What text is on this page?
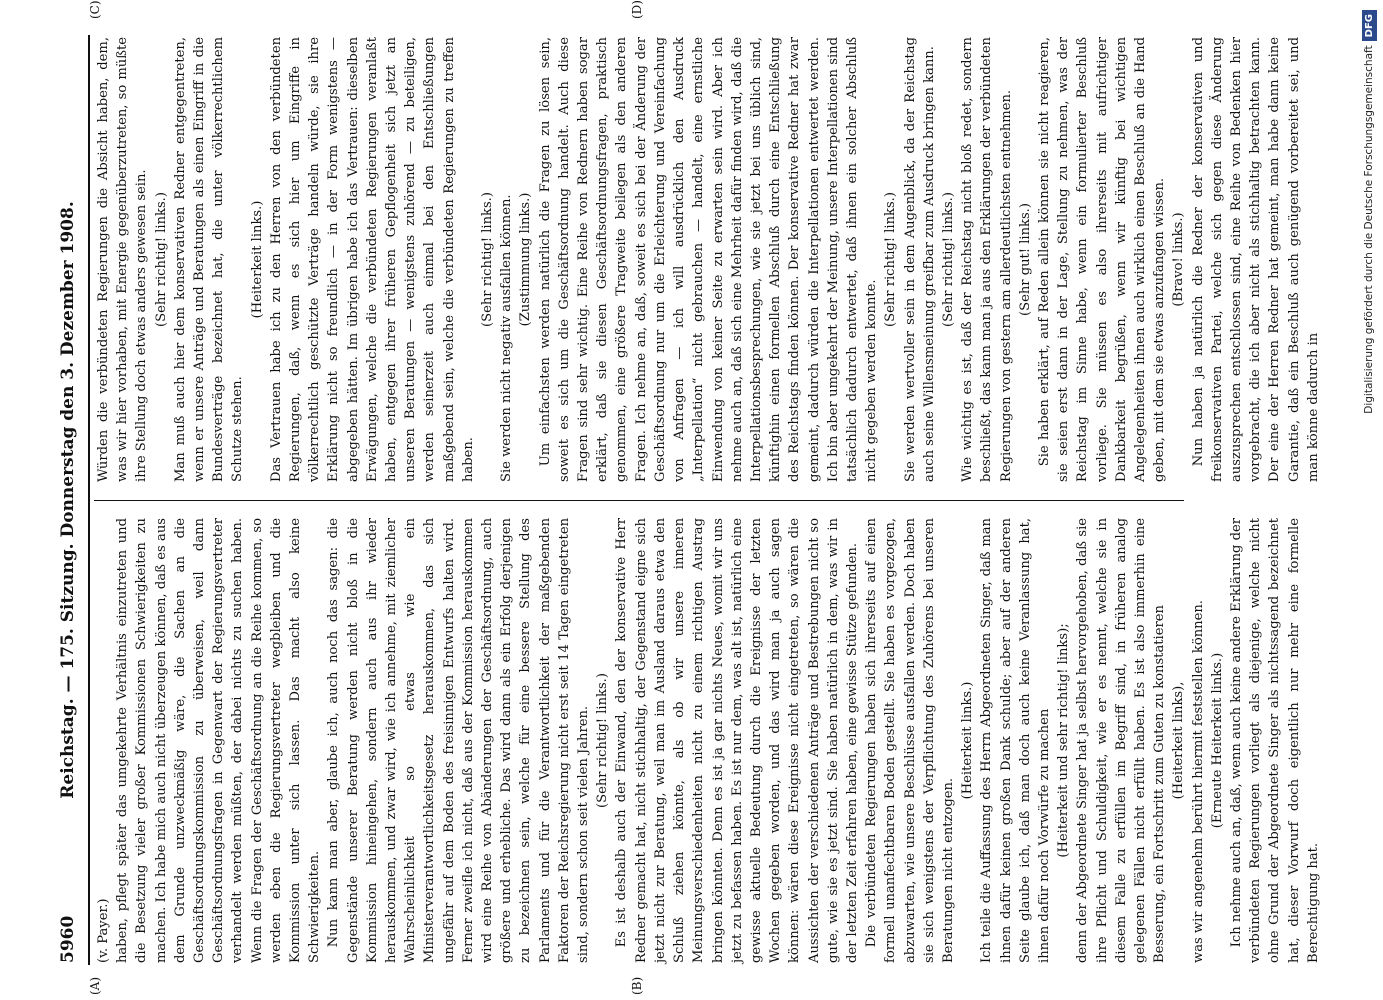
5960
Reichstag. — 175. Sitzung. Donnerstag den 3. Dezember 1908.
(A)	(B)
(C)	(D)

(v. Payer.) haben, pflegt später das umgekehrte Verhältnis einzutreten und die Besetzung vieler großer Kommissionen Schwierigkeiten zu machen. Ich habe mich auch nicht überzeugen können, daß es aus dem Grunde unzweckmäßig wäre, die Sachen an die Geschäftsordnungskommission zu überweisen, weil dann Geschäftsordnungsfragen in Gegenwart der Regierungsvertreter verhandelt werden müßten, der dabei nichts zu suchen haben. Wenn die Fragen der Geschäftsordnung an die Reihe kommen, so werden eben die Regierungsvertreter wegbleiben und die Kommission unter sich lassen. Das macht also keine Schwierigkeiten. Nun kann man aber, glaube ich, auch noch das sagen: die Gegenstände unserer Beratung werden nicht bloß in die Kommission hineingehen, sondern auch aus ihr wieder herauskommen, und zwar wird, wie ich annehme, mit ziemlicher Wahrscheinlichkeit so etwas wie ein Ministerverantwortlichkeitsgesetz herauskommen, das sich ungefähr auf dem Boden des freisinnigen Entwurfs halten wird. Ferner zweifle ich nicht, daß aus der Kommission herauskommen wird eine Reihe von Abänderungen der Geschäftsordnung, auch größere und erhebliche. Das wird dann als ein Erfolg derjenigen zu bezeichnen sein, welche für eine bessere Stellung des Parlaments und für die Verantwortlichkeit der maßgebenden Faktoren der Reichsregierung nicht erst seit 14 Tagen eingetreten sind, sondern schon seit vielen Jahren. (Sehr richtig! links.) Es ist deshalb auch der Einwand, den der konservative Herr Redner gemacht hat, nicht stichhaltig, der Gegenstand eigne sich jetzt nicht zur Beratung, weil man im Ausland daraus etwa den Schluß ziehen könnte, als ob wir unsere inneren Meinungsverschiedenheiten nicht zu einem richtigen Austrag bringen könnten. Denn es ist ja gar nichts Neues, womit wir uns jetzt zu befassen haben. Es ist nur dem, was alt ist, natürlich eine gewisse aktuelle Bedeutung durch die Ereignisse der letzten Wochen gegeben worden, und das wird man ja auch sagen können: wären diese Ereignisse nicht eingetreten, so wären die Aussichten der verschiedenen Anträge und Bestrebungen nicht so gute, wie sie es jetzt sind. Sie haben natürlich in dem, was wir in der letzten Zeit erfahren haben, eine gewisse Stütze gefunden. Die verbündeten Regierungen haben sich ihrerseits auf einen formell unanfechtbaren Boden gestellt. Sie haben es vorgezogen, abzuwarten, wie unsere Beschlüsse ausfallen werden. Doch haben sie sich wenigstens der Verpflichtung des Zuhörens bei unseren Beratungen nicht entzogen.

(Heiterkeit links.) Ich teile die Auffassung des Herrn Abgeordneten Singer, daß man ihnen dafür keinen großen Dank schulde; aber auf der anderen Seite glaube ich, daß man doch auch keine Veranlassung hat, ihnen dafür noch Vorwürfe zu machen (Heiterkeit und sehr richtig! links); denn der Abgeordnete Singer hat ja selbst hervorgehoben, daß sie ihre Pflicht und Schuldigkeit, wie er es nennt, welche sie in diesem Falle zu erfüllen im Begriff sind, in früheren analog gelegenen Fällen nicht erfüllt haben. Es ist also immerhin eine Besserung, ein Fortschritt zum Guten zu konstatieren (Heiterkeit links), was wir angenehm berührt hiermit feststellen können. (Erneute Heiterkeit links.) Ich nehme auch an, daß, wenn auch keine andere Erklärung der verbündeten Regierungen vorliegt als diejenige, welche nicht ohne Grund der Abgeordnete Singer als nichtssagend bezeichnet hat, dieser Vorwurf doch eigentlich nur mehr eine formelle Berechtigung hat.

Würden die verbündeten Regierungen die Absicht haben, dem, was wir hier vorhaben, mit Energie gegenüberzutreten, so müßte ihre Stellung doch etwas anders gewesen sein. (Sehr richtig! links.) Man muß auch hier dem konservativen Redner entgegentreten, wenn er unsere Anträge und Beratungen als einen Eingriff in die Bundesverträge bezeichnet hat, die unter völkerrechtlichem Schutze stehen.

(Heiterkeit links.) Das Vertrauen habe ich zu den Herren von den verbündeten Regierungen, daß, wenn es sich hier um Eingriffe in völkerrechtlich geschützte Verträge handeln würde, sie ihre Erklärung nicht so freundlich — in der Form wenigstens — abgegeben hätten. Im übrigen habe ich das Vertrauen: dieselben Erwägungen, welche die verbündeten Regierungen veranlaßt haben, entgegen ihrer früheren Gepflogenheit sich jetzt an unseren Beratungen — wenigstens zuhörend — zu beteiligen, werden seinerzeit auch einmal bei den Entschließungen maßgebend sein, welche die verbündeten Regierungen zu treffen haben.

(Sehr richtig! links.) Sie werden nicht negativ ausfallen können. (Zustimmung links.) Um einfachsten werden natürlich die Fragen zu lösen sein, soweit es sich um die Geschäftsordnung handelt. Auch diese Fragen sind sehr wichtig. Eine Reihe von Rednern haben sogar erklärt, daß sie diesen Geschäftsordnungsfragen, praktisch genommen, eine größere Tragweite beilegen als den anderen Fragen. Ich nehme an, daß, soweit es sich bei der Änderung der Geschäftsordnung nur um die Erleichterung und Vereinfachung von Anfragen — ich will ausdrücklich den Ausdruck „Interpellation“ nicht gebrauchen — handelt, eine ernstliche Einwendung von keiner Seite zu erwarten sein wird. Aber ich nehme auch an, daß sich eine Mehrheit dafür finden wird, daß die Interpellationsbesprechungen, wie sie jetzt bei uns üblich sind, künftighin einen formellen Abschluß durch eine Entschließung des Reichstags finden können. Der konservative Redner hat zwar gemeint, dadurch würden die Interpellationen entwertet werden. Ich bin aber umgekehrt der Meinung, unsere Interpellationen sind tatsächlich dadurch entwertet, daß ihnen ein solcher Abschluß nicht gegeben werden konnte.

(Sehr richtig! links.) Sie werden wertvoller sein in dem Augenblick, da der Reichstag auch seine Willensmeinung greifbar zum Ausdruck bringen kann. (Sehr richtig! links.) Wie wichtig es ist, daß der Reichstag nicht bloß redet, sondern beschließt, das kann man ja aus den Erklärungen der verbündeten Regierungen von gestern am allerdeutlichsten entnehmen. (Sehr gut! links.) Sie haben erklärt, auf Reden allein können sie nicht reagieren, sie seien erst dann in der Lage, Stellung zu nehmen, was der Reichstag im Sinne habe, wenn ein formulierter Beschluß vorliege. Sie müssen es also ihrerseits mit aufrichtiger Dankbarkeit begrüßen, wenn wir künftig bei wichtigen Angelegenheiten ihnen auch wirklich einen Beschluß an die Hand geben, mit dem sie etwas anzufangen wissen. (Bravo! links.) Nun haben ja natürlich die Redner der konservativen und freikonservativen Partei, welche sich gegen diese Änderung auszusprechen entschlossen sind, eine Reihe von Bedenken hier vorgebracht, die ich aber nicht als stichhaltig betrachten kann. Der eine der Herren Redner hat gemeint, man habe dann keine Garantie, daß ein Beschluß auch genügend vorbereitet sei, und man könne dadurch in	Digitalisierung gefördert durch die Deutsche ForschungsgemeinschaftDFG
